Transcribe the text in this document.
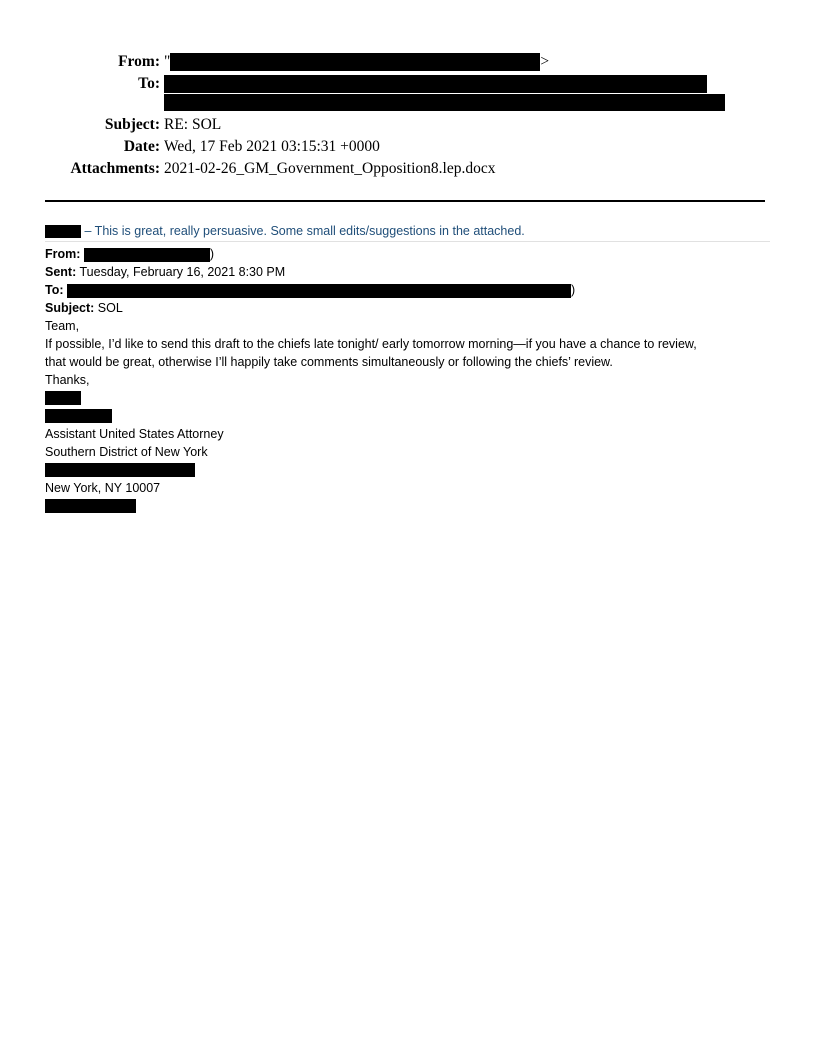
From: "	>
To:
Subject: RE: SOL
Date: Wed, 17 Feb 2021 03:15:31 +0000
Attachments: 2021-02-26_GM_Government_Opposition8.lep.docx
– This is great, really persuasive. Some small edits/suggestions in the attached.
From:	)
Sent: Tuesday, February 16, 2021 8:30 PM
To:	)
Subject: SOL
Team,
If possible, I’d like to send this draft to the chiefs late tonight/ early tomorrow morning—if you have a chance to review,
that would be great, otherwise I’ll happily take comments simultaneously or following the chiefs’ review.
Thanks,
Assistant United States Attorney
Southern District of New York
New York, NY 10007
